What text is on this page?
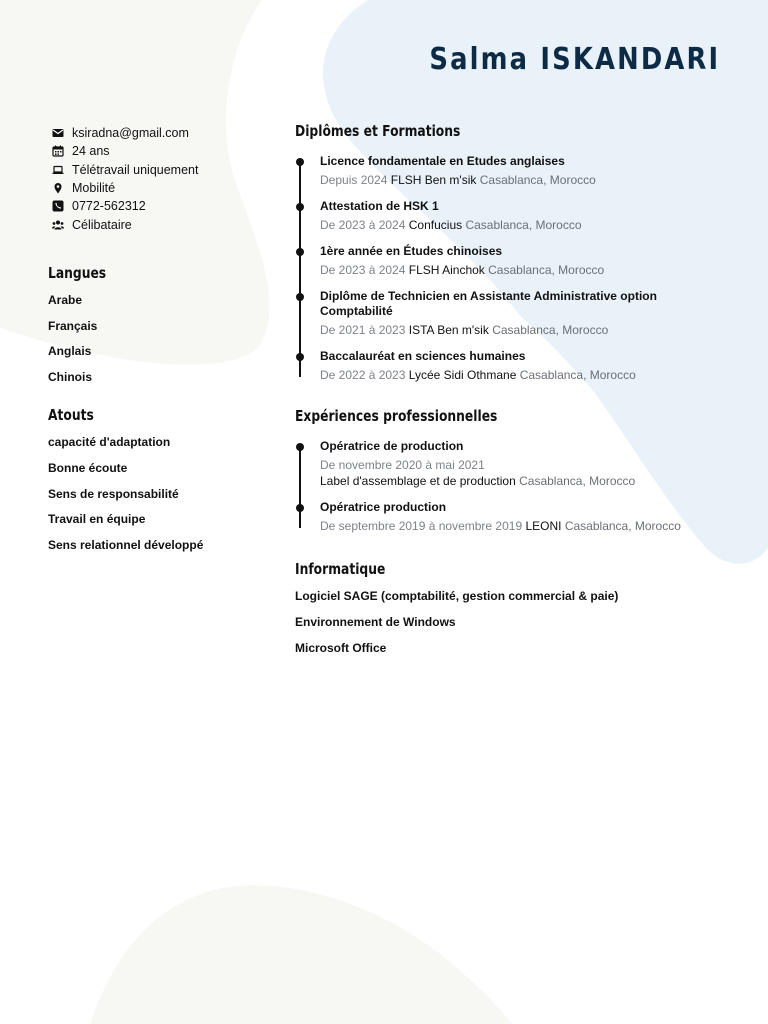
Salma ISKANDARI
ksiradna@gmail.com
24 ans
Télétravail uniquement
Mobilité
0772-562312
Célibataire
Langues
Arabe
Français
Anglais
Chinois
Atouts
capacité d'adaptation
Bonne écoute
Sens de responsabilité
Travail en équipe
Sens relationnel développé
Diplômes et Formations
Licence fondamentale en Etudes anglaises
Depuis 2024 FLSH Ben m'sik Casablanca, Morocco
Attestation de HSK 1
De 2023 à 2024 Confucius Casablanca, Morocco
1ère année en Études chinoises
De 2023 à 2024 FLSH Ainchok Casablanca, Morocco
Diplôme de Technicien en Assistante Administrative option Comptabilité
De 2021 à 2023 ISTA Ben m'sik Casablanca, Morocco
Baccalauréat en sciences humaines
De 2022 à 2023 Lycée Sidi Othmane Casablanca, Morocco
Expériences professionnelles
Opératrice de production
De novembre 2020 à mai 2021
Label d'assemblage et de production Casablanca, Morocco
Opératrice production
De septembre 2019 à novembre 2019 LEONI Casablanca, Morocco
Informatique
Logiciel SAGE (comptabilité, gestion commercial & paie)
Environnement de Windows
Microsoft Office
